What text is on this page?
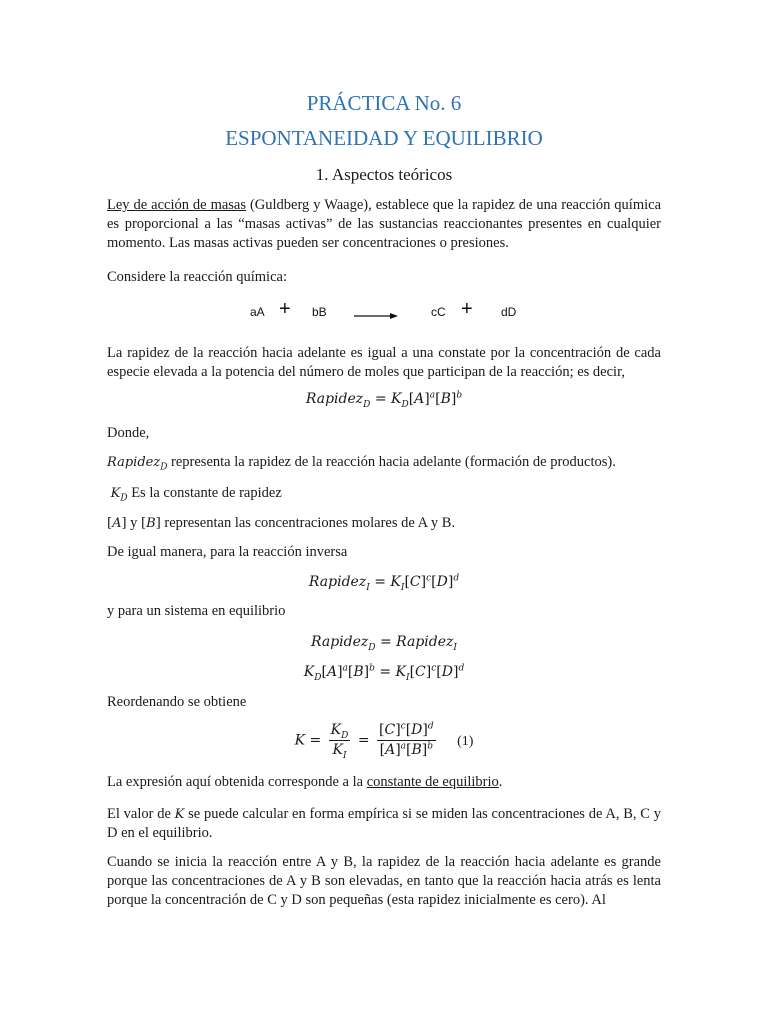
PRÁCTICA No. 6
ESPONTANEIDAD Y EQUILIBRIO
1. Aspectos teóricos
Ley de acción de masas (Guldberg y Waage), establece que la rapidez de una reacción química es proporcional a las “masas activas” de las sustancias reaccionantes presentes en cualquier momento. Las masas activas pueden ser concentraciones o presiones.
Considere la reacción química:
aA + bB	cC + dD
La rapidez de la reacción hacia adelante es igual a una constate por la concentración de cada especie elevada a la potencia del número de moles que participan de la reacción; es decir,
Rapidez$_D$ = $K_D[A]^a[B]^b$
Donde,
Rapidez$_D$ representa la rapidez de la reacción hacia adelante (formación de productos).
$K_D$ Es la constante de rapidez
[A] y [B] representan las concentraciones molares de A y B.
De igual manera, para la reacción inversa
Rapidez$_I$ = $K_I[C]^c[D]^d$
y para un sistema en equilibrio
Rapidez$_D$ = Rapidez$_I$
$K_D[A]^a[B]^b = K_I[C]^c[D]^d$
Reordenando se obtiene
$K = \frac{K_D}{K_I} = \frac{[C]^c[D]^d}{[A]^a[B]^b} (1)$
La expresión aquí obtenida corresponde a la constante de equilibrio.
El valor de K se puede calcular en forma empírica si se miden las concentraciones de A, B, C y D en el equilibrio.
Cuando se inicia la reacción entre A y B, la rapidez de la reacción hacia adelante es grande porque las concentraciones de A y B son elevadas, en tanto que la reacción hacia atrás es lenta porque la concentración de C y D son pequeñas (esta rapidez inicialmente es cero). Al
